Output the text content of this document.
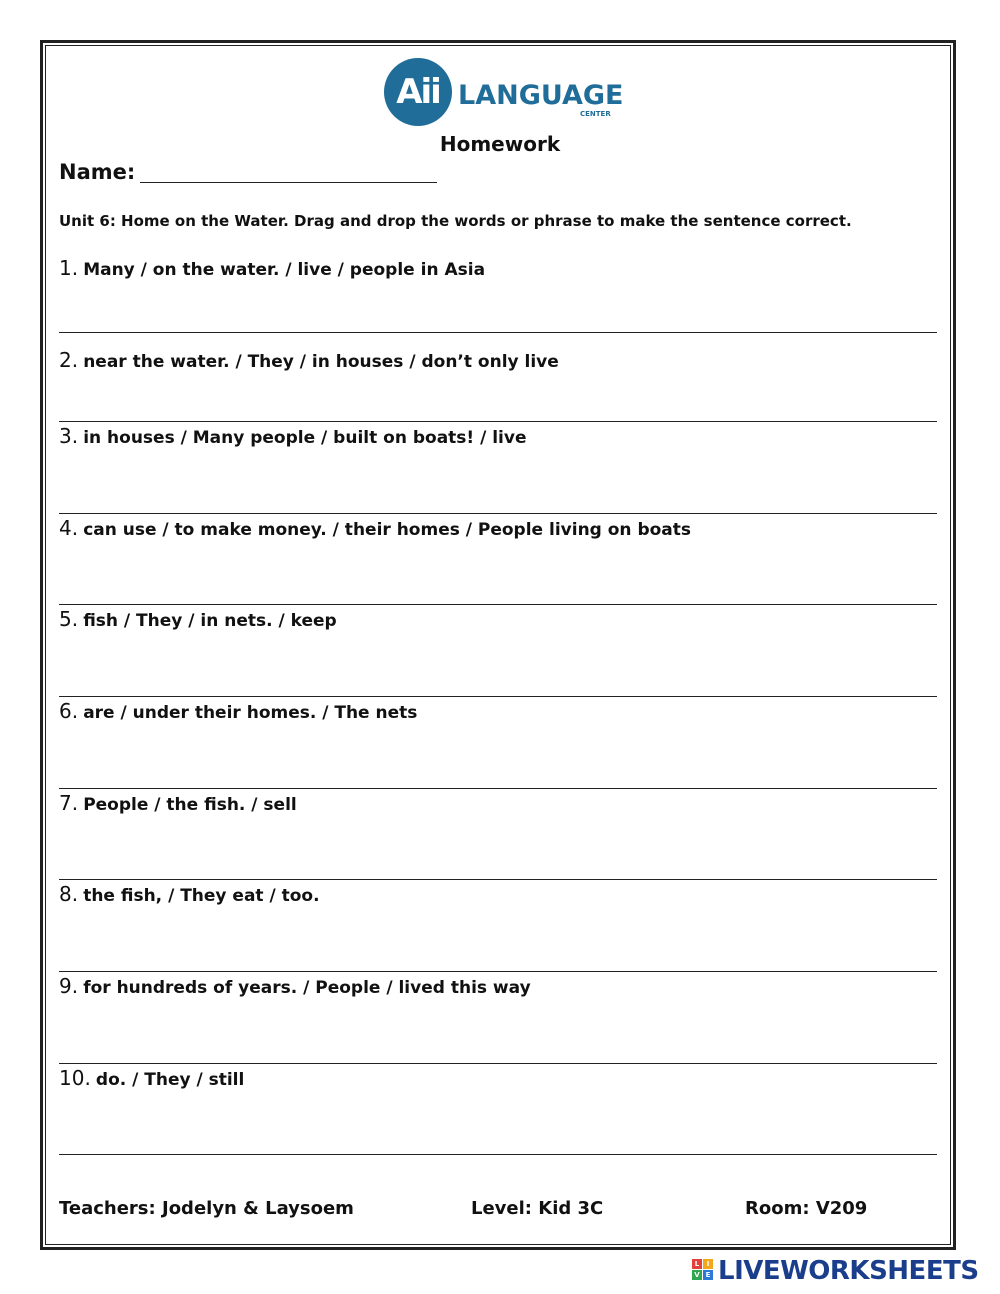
Aii LANGUAGE
CENTER
Homework
Name:
Unit 6: Home on the Water. Drag and drop the words or phrase to make the sentence correct.
1. Many / on the water. / live / people in Asia
2. near the water. / They / in houses / don’t only live
3. in houses / Many people / built on boats! / live
4. can use / to make money. / their homes / People living on boats
5. fish / They / in nets. / keep
6. are / under their homes. / The nets
7. People / the fish. / sell
8. the fish, / They eat / too.
9. for hundreds of years. / People / lived this way
10. do. / They / still
Teachers: Jodelyn & Laysoem	Level: Kid 3C	Room: V209
L	I
V E LIVEWORKSHEETS
